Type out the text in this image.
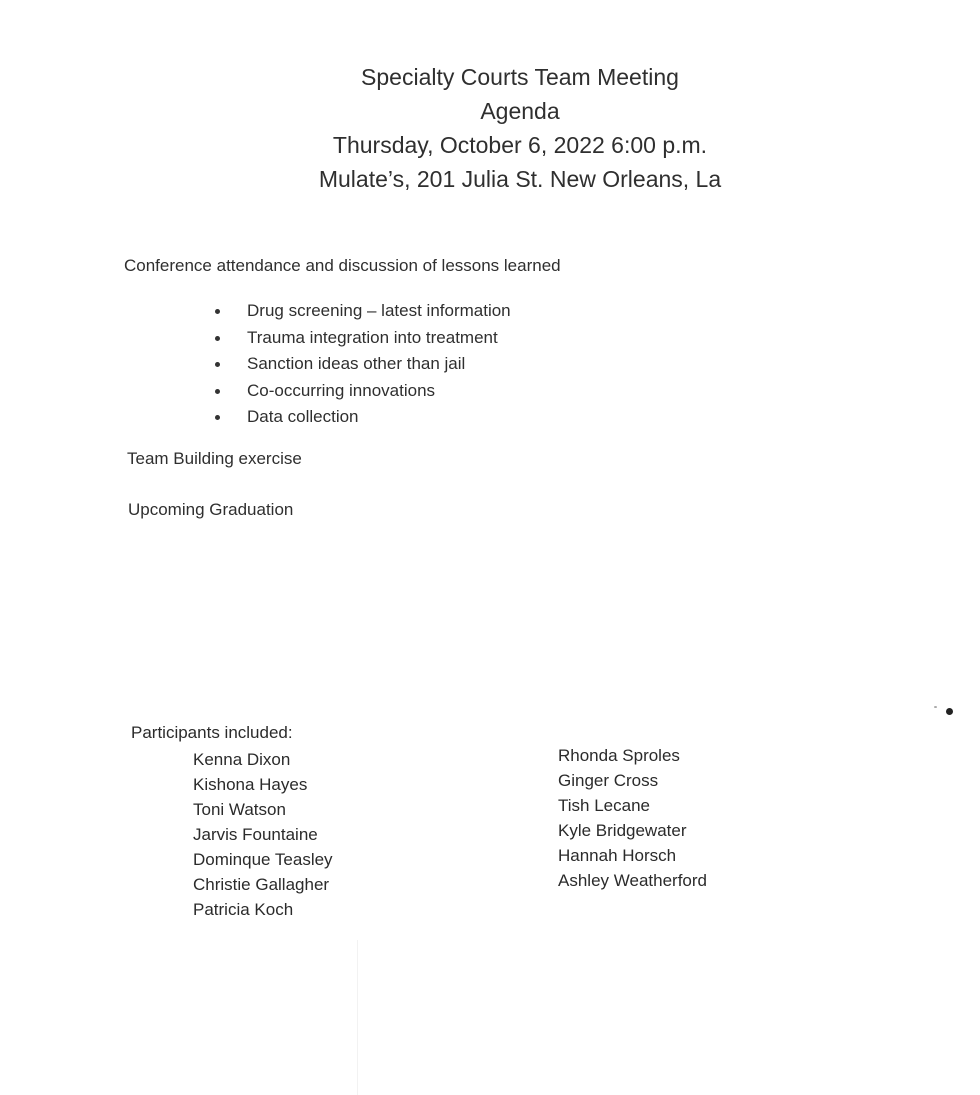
Specialty Courts Team Meeting
Agenda
Thursday, October 6, 2022 6:00 p.m.
Mulate’s, 201 Julia St. New Orleans, La
Conference attendance and discussion of lessons learned
Drug screening – latest information
Trauma integration into treatment
Sanction ideas other than jail
Co-occurring innovations
Data collection
Team Building exercise
Upcoming Graduation
Participants included:
Kenna Dixon
Kishona Hayes
Toni Watson
Jarvis Fountaine
Dominque Teasley
Christie Gallagher
Patricia Koch
Rhonda Sproles
Ginger Cross
Tish Lecane
Kyle Bridgewater
Hannah Horsch
Ashley Weatherford
